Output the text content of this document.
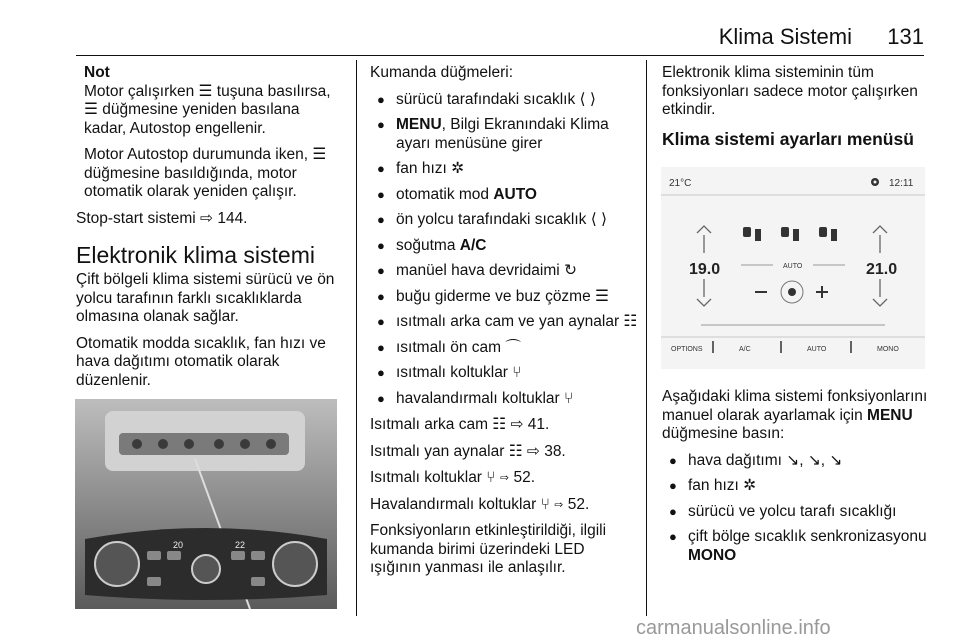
Klima Sistemi 131
Not

Motor çalışırken ☰ tuşuna basılırsa, ☰ düğmesine yeniden basılana kadar, Autostop engellenir.

Motor Autostop durumunda iken, ☰ düğmesine basıldığında, motor otomatik olarak yeniden çalışır.

Stop-start sistemi ⇨ 144.

Elektronik klima sistemi

Çift bölgeli klima sistemi sürücü ve ön yolcu tarafının farklı sıcaklıklarda olmasına olanak sağlar.

Otomatik modda sıcaklık, fan hızı ve hava dağıtımı otomatik olarak düzenlenir.

20	22

Kumanda düğmeleri:

● sürücü tarafındaki sıcaklık ⟨ ⟩
● MENU, Bilgi Ekranındaki Klima ayarı menüsüne girer
● fan hızı ✲
● otomatik mod AUTO
● ön yolcu tarafındaki sıcaklık ⟨ ⟩
● soğutma A/C
● manüel hava devridaimi ↻
● buğu giderme ve buz çözme ☰
● ısıtmalı arka cam ve yan aynalar ☷
● ısıtmalı ön cam ⌒
● ısıtmalı koltuklar ⑂
● havalandırmalı koltuklar ⑂

Isıtmalı arka cam ☷ ⇨ 41.

Isıtmalı yan aynalar ☷ ⇨ 38.

Isıtmalı koltuklar ⑂ ⇨ 52.

Havalandırmalı koltuklar ⑂ ⇨ 52.

Fonksiyonların etkinleştirildiği, ilgili kumanda birimi üzerindeki LED ışığının yanması ile anlaşılır.

Elektronik klima sisteminin tüm fonksiyonları sadece motor çalışırken etkindir.

Klima sistemi ayarları menüsü

Aşağıdaki klima sistemi fonksiyonlarını manuel olarak ayarlamak için MENU düğmesine basın:

● hava dağıtımı ↘, ↘, ↘
● fan hızı ✲
● sürücü ve yolcu tarafı sıcaklığı
● çift bölge sıcaklık senkronizasyonu MONO
21°C	12:11
19.0	21.0
AUTO
OPTIONS	A/C	AUTO	MONO
carmanualsonline.info
